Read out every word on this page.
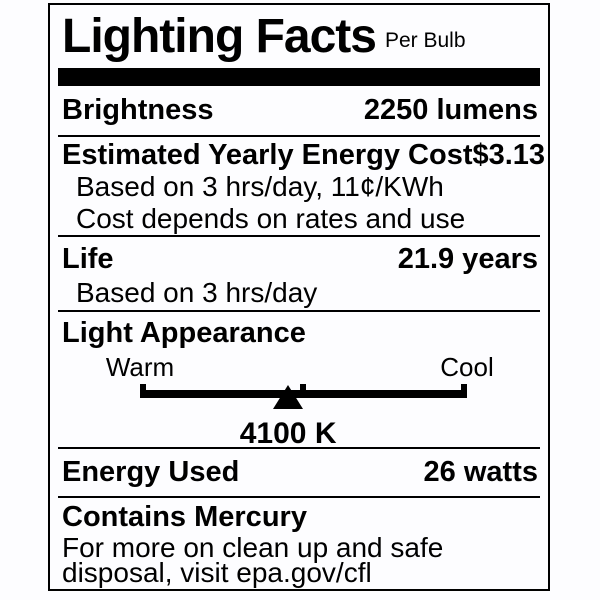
Lighting Facts Per Bulb
Brightness	2250 lumens
Estimated Yearly Energy Cost $3.13
Based on 3 hrs/day, 11¢/KWh
Cost depends on rates and use
Life	21.9 years
Based on 3 hrs/day
Light Appearance
Warm	Cool
4100 K
Energy Used	26 watts
Contains Mercury
For more on clean up and safe
disposal, visit epa.gov/cfl
